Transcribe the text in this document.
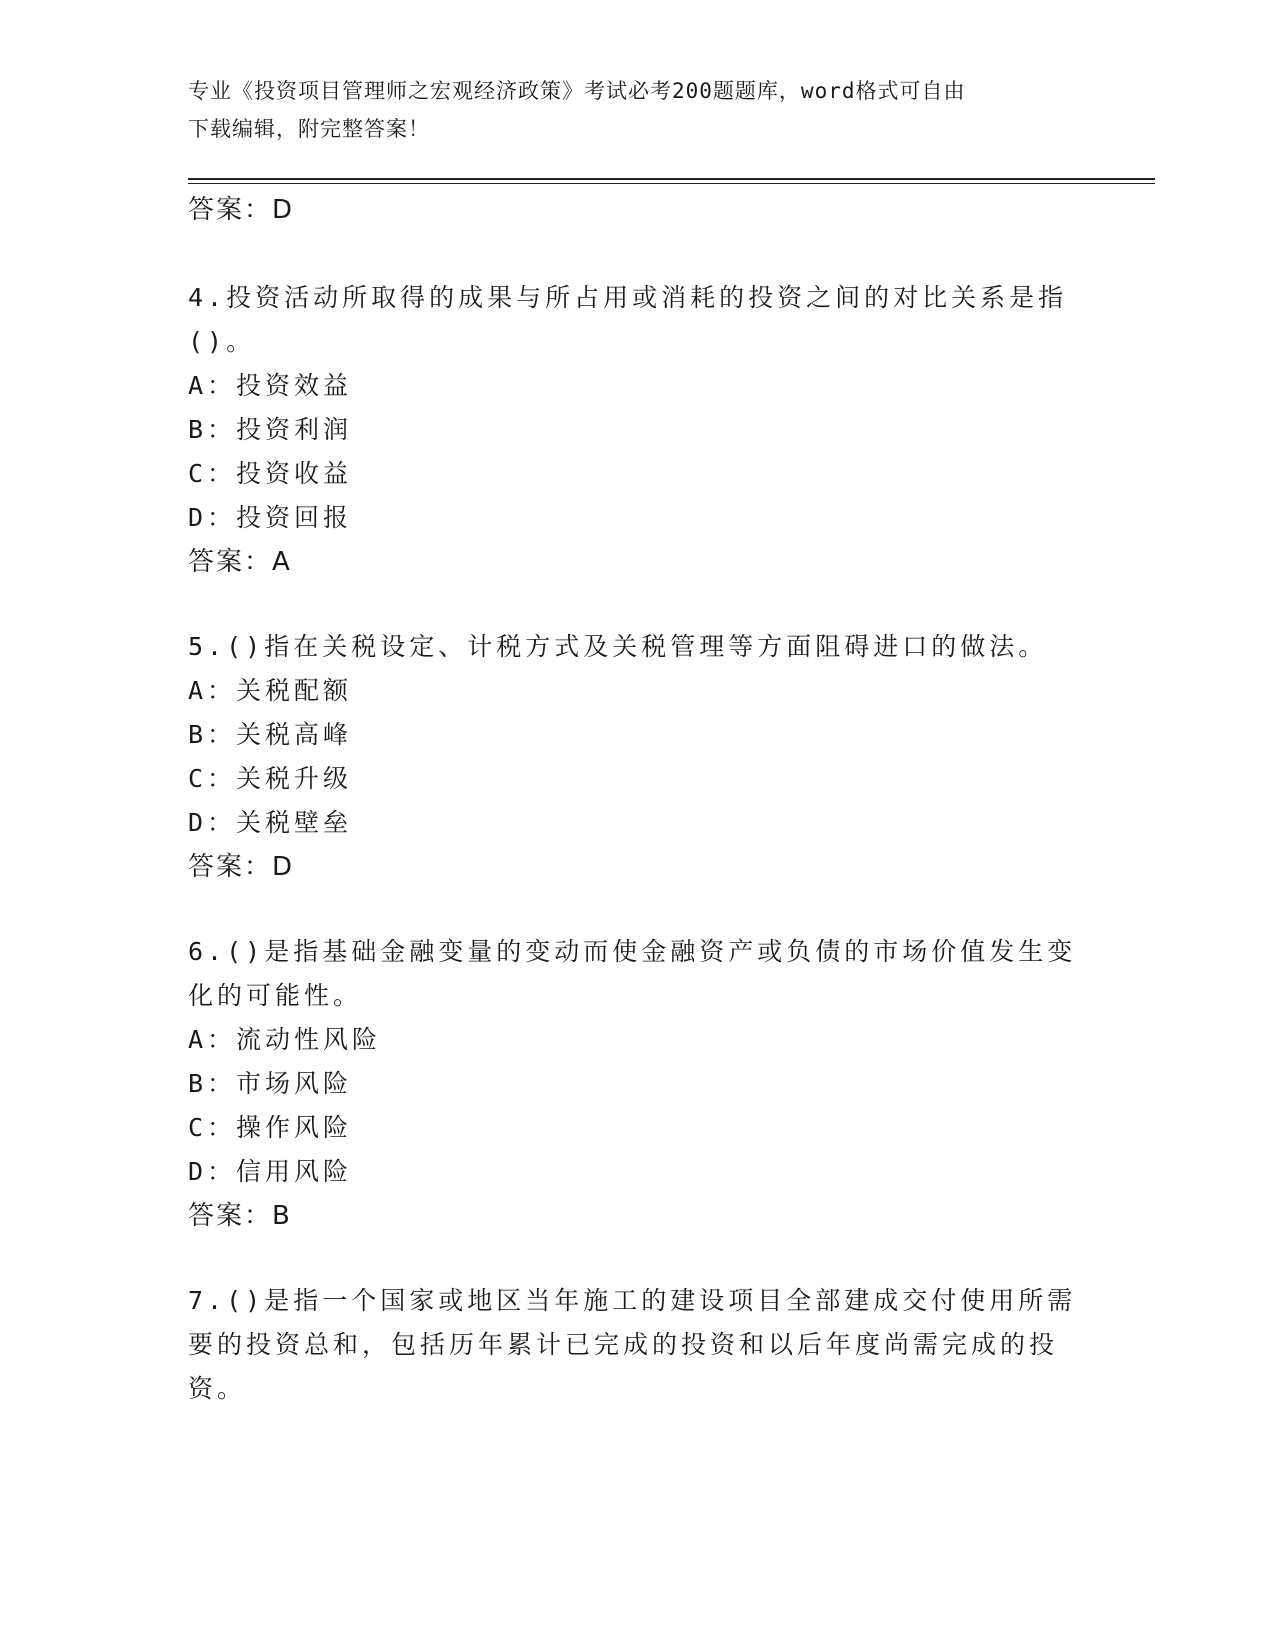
专业《投资项目管理师之宏观经济政策》考试必考200题题库，word格式可自由
下载编辑，附完整答案！
答案：D
4.投资活动所取得的成果与所占用或消耗的投资之间的对比关系是指
()。
A：投资效益
B：投资利润
C：投资收益
D：投资回报
答案：A
5.()指在关税设定、计税方式及关税管理等方面阻碍进口的做法。
A：关税配额
B：关税高峰
C：关税升级
D：关税壁垒
答案：D
6.()是指基础金融变量的变动而使金融资产或负债的市场价值发生变
化的可能性。
A：流动性风险
B：市场风险
C：操作风险
D：信用风险
答案：B
7.()是指一个国家或地区当年施工的建设项目全部建成交付使用所需
要的投资总和，包括历年累计已完成的投资和以后年度尚需完成的投
资。
